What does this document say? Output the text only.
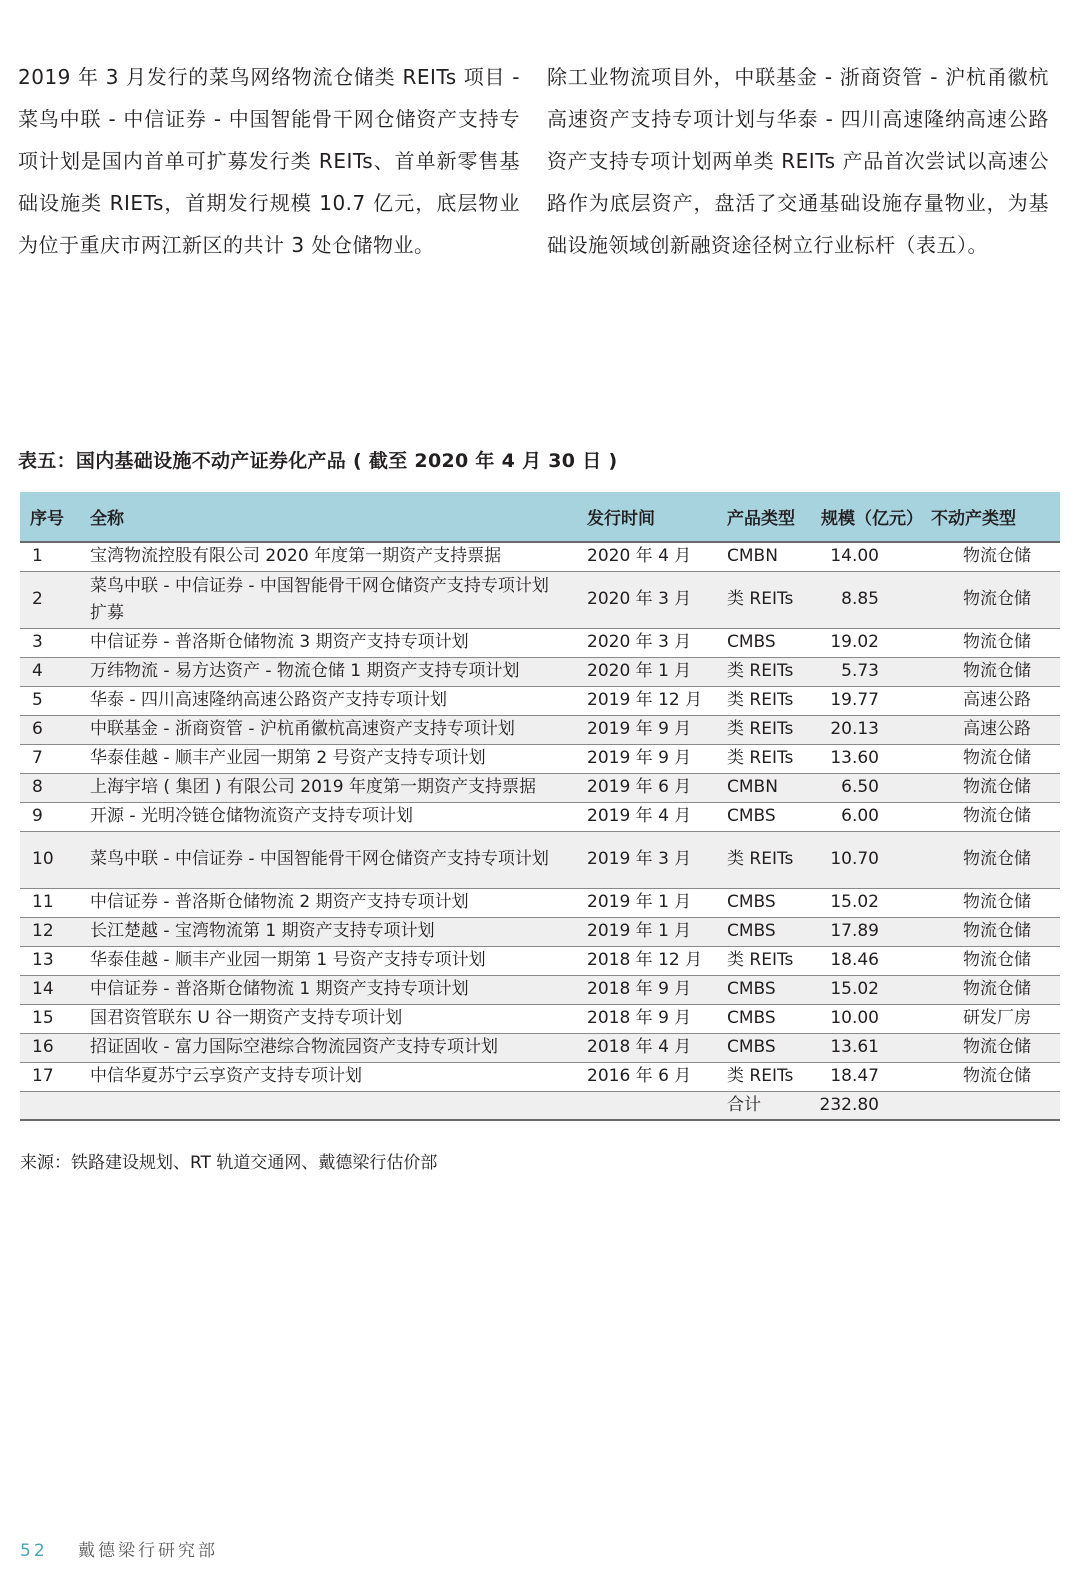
2019 年 3 月发行的菜鸟网络物流仓储类 REITs 项目 - 菜鸟中联 - 中信证券 - 中国智能骨干网仓储资产支持专项计划是国内首单可扩募发行类 REITs、首单新零售基础设施类 RIETs，首期发行规模 10.7 亿元，底层物业为位于重庆市两江新区的共计 3 处仓储物业。
除工业物流项目外，中联基金 - 浙商资管 - 沪杭甬徽杭高速资产支持专项计划与华泰 - 四川高速隆纳高速公路资产支持专项计划两单类 REITs 产品首次尝试以高速公路作为底层资产，盘活了交通基础设施存量物业，为基础设施领域创新融资途径树立行业标杆（表五）。
表五：国内基础设施不动产证券化产品 ( 截至 2020 年 4 月 30 日 )
序号	全称	发行时间	产品类型	规模（亿元）	不动产类型
1	宝湾物流控股有限公司 2020 年度第一期资产支持票据	2020 年 4 月	CMBN	14.00	物流仓储
2	菜鸟中联 - 中信证券 - 中国智能骨干网仓储资产支持专项计划扩募	2020 年 3 月	类 REITs	8.85	物流仓储
3	中信证券 - 普洛斯仓储物流 3 期资产支持专项计划	2020 年 3 月	CMBS	19.02	物流仓储
4	万纬物流 - 易方达资产 - 物流仓储 1 期资产支持专项计划	2020 年 1 月	类 REITs	5.73	物流仓储
5	华泰 - 四川高速隆纳高速公路资产支持专项计划	2019 年 12 月	类 REITs	19.77	高速公路
6	中联基金 - 浙商资管 - 沪杭甬徽杭高速资产支持专项计划	2019 年 9 月	类 REITs	20.13	高速公路
7	华泰佳越 - 顺丰产业园一期第 2 号资产支持专项计划	2019 年 9 月	类 REITs	13.60	物流仓储
8	上海宇培 ( 集团 ) 有限公司 2019 年度第一期资产支持票据	2019 年 6 月	CMBN	6.50	物流仓储
9	开源 - 光明冷链仓储物流资产支持专项计划	2019 年 4 月	CMBS	6.00	物流仓储
10	菜鸟中联 - 中信证券 - 中国智能骨干网仓储资产支持专项计划	2019 年 3 月	类 REITs	10.70	物流仓储
11	中信证券 - 普洛斯仓储物流 2 期资产支持专项计划	2019 年 1 月	CMBS	15.02	物流仓储
12	长江楚越 - 宝湾物流第 1 期资产支持专项计划	2019 年 1 月	CMBS	17.89	物流仓储
13	华泰佳越 - 顺丰产业园一期第 1 号资产支持专项计划	2018 年 12 月	类 REITs	18.46	物流仓储
14	中信证券 - 普洛斯仓储物流 1 期资产支持专项计划	2018 年 9 月	CMBS	15.02	物流仓储
15	国君资管联东 U 谷一期资产支持专项计划	2018 年 9 月	CMBS	10.00	研发厂房
16	招证固收 - 富力国际空港综合物流园资产支持专项计划	2018 年 4 月	CMBS	13.61	物流仓储
17	中信华夏苏宁云享资产支持专项计划	2016 年 6 月	类 REITs	18.47	物流仓储
			合计	232.80	
来源：铁路建设规划、RT 轨道交通网、戴德梁行估价部
52 戴德梁行研究部
